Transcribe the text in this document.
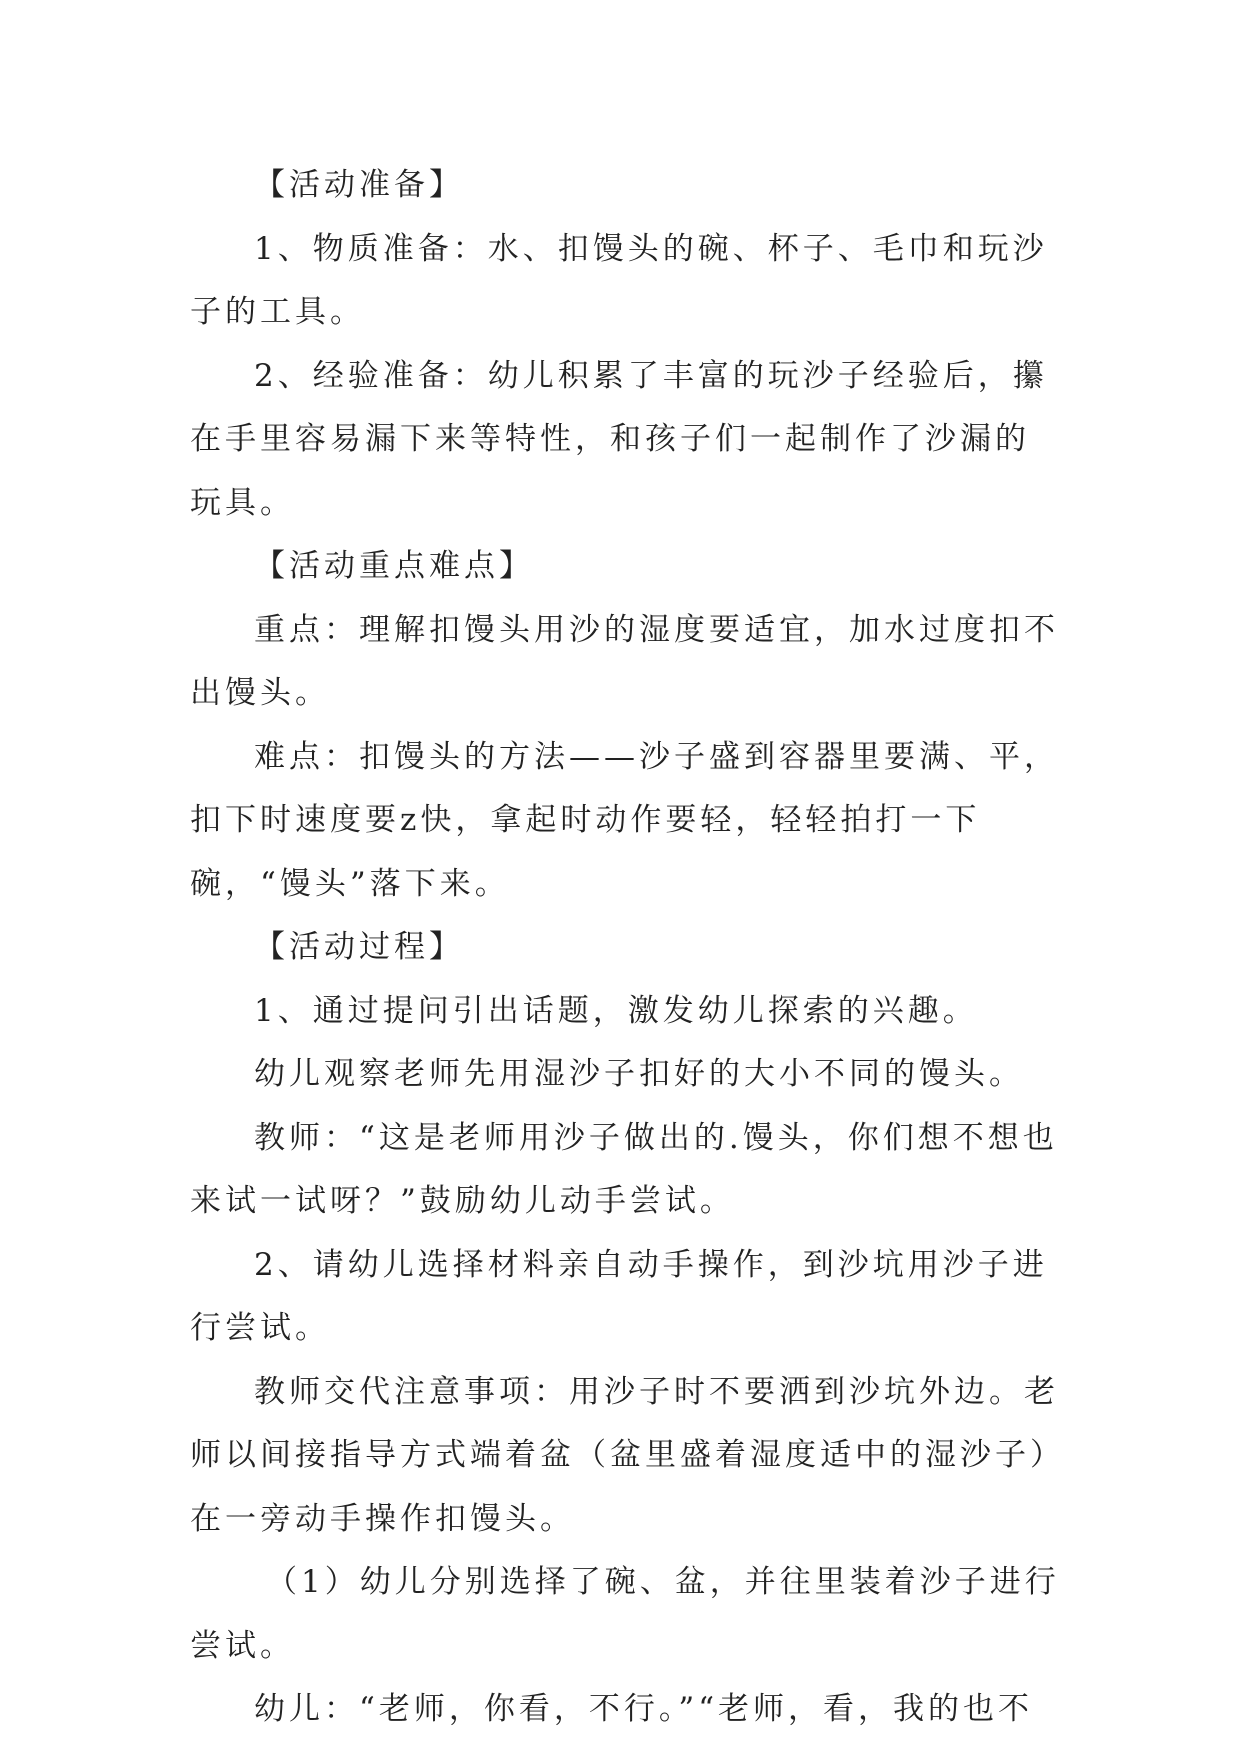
【活动准备】

1、物质准备：水、扣馒头的碗、杯子、毛巾和玩沙子的工具。

2、经验准备：幼儿积累了丰富的玩沙子经验后，攥在手里容易漏下来等特性，和孩子们一起制作了沙漏的玩具。

【活动重点难点】

重点：理解扣馒头用沙的湿度要适宜，加水过度扣不出馒头。

难点：扣馒头的方法——沙子盛到容器里要满、平，扣下时速度要z快，拿起时动作要轻，轻轻拍打一下碗，“馒头”落下来。

【活动过程】

1、通过提问引出话题，激发幼儿探索的兴趣。

幼儿观察老师先用湿沙子扣好的大小不同的馒头。

教师：“这是老师用沙子做出的.馒头，你们想不想也来试一试呀？”鼓励幼儿动手尝试。

2、请幼儿选择材料亲自动手操作，到沙坑用沙子进行尝试。

教师交代注意事项：用沙子时不要洒到沙坑外边。老师以间接指导方式端着盆（盆里盛着湿度适中的湿沙子）在一旁动手操作扣馒头。

（1）幼儿分别选择了碗、盆，并往里装着沙子进行尝试。

幼儿：“老师，你看，不行。”“老师，看，我的也不
